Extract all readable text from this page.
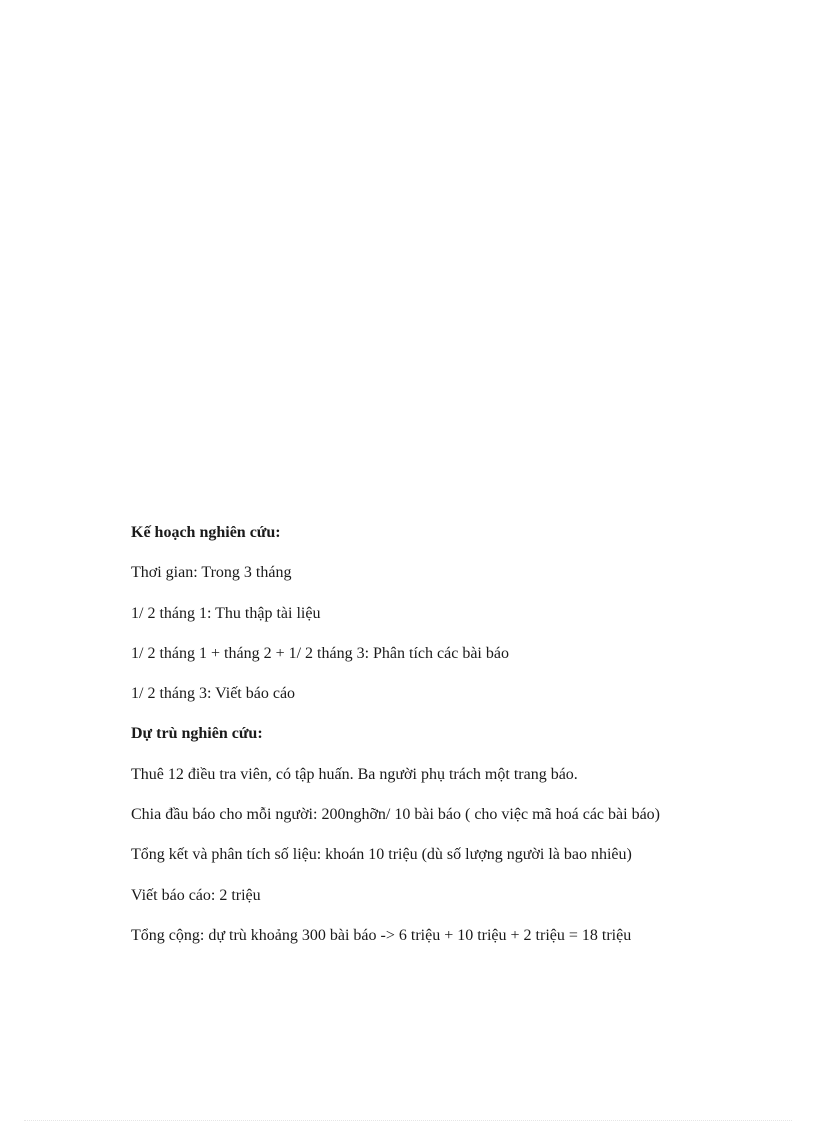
Kế hoạch nghiên cứu:
Thơi gian: Trong 3 tháng
1/ 2 tháng 1: Thu thập tài liệu
1/ 2 tháng 1 + tháng 2 + 1/ 2 tháng 3: Phân tích các bài báo
1/ 2 tháng 3: Viết báo cáo
Dự trù nghiên cứu:
Thuê 12 điều tra viên, có tập huấn. Ba người phụ trách một trang báo.
Chia đầu báo cho mỗi người: 200nghỡn/ 10 bài báo ( cho việc mã hoá các bài báo)
Tổng kết và phân tích số liệu: khoán 10 triệu (dù số lượng người là bao nhiêu)
Viết báo cáo: 2 triệu
Tổng cộng: dự trù khoảng 300 bài báo -> 6 triệu + 10 triệu + 2 triệu = 18 triệu
